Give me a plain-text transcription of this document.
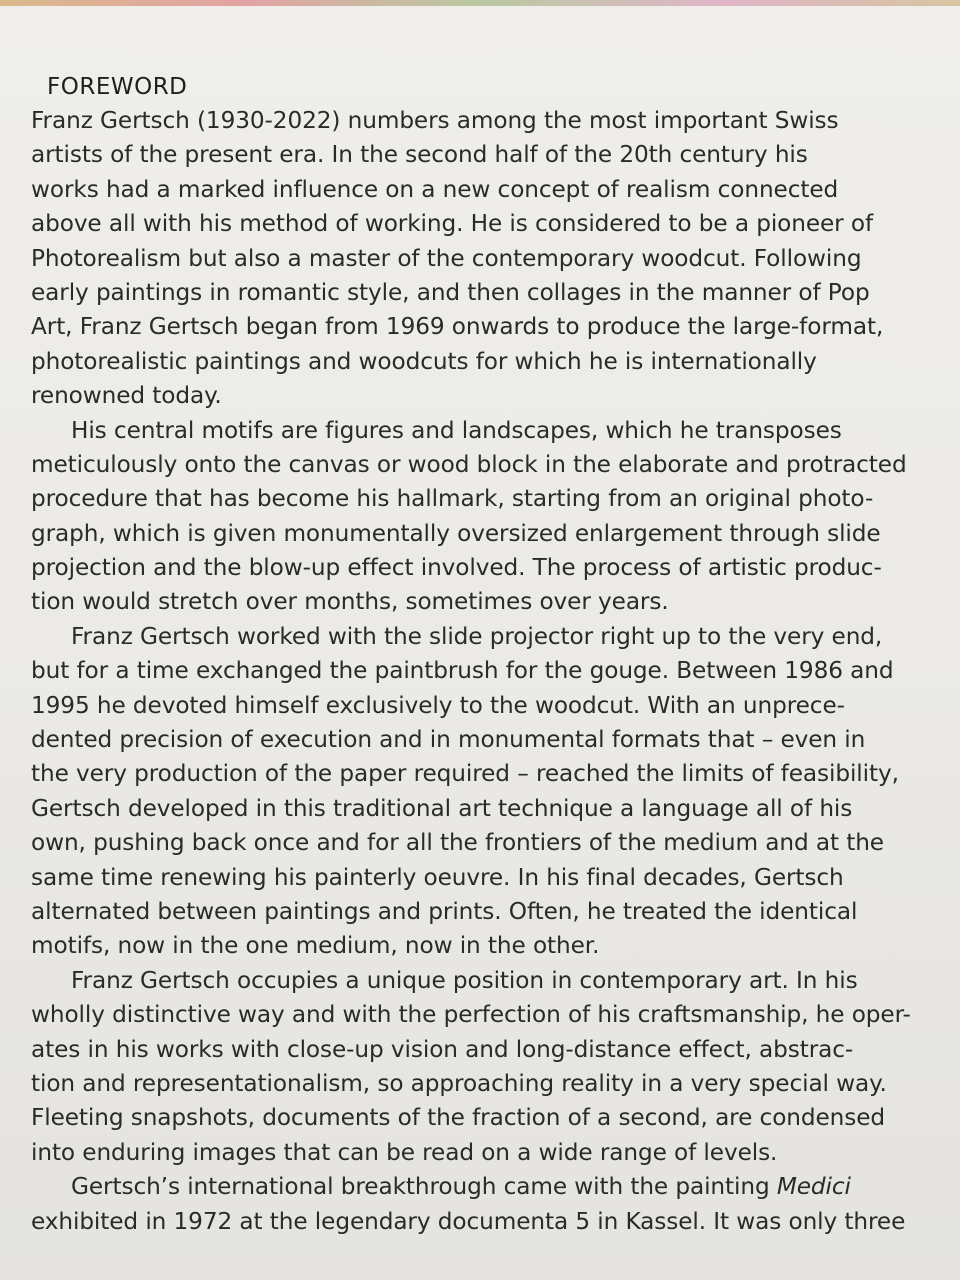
FOREWORD

Franz Gertsch (1930-2022) numbers among the most important Swiss
artists of the present era. In the second half of the 20th century his
works had a marked influence on a new concept of realism connected
above all with his method of working. He is considered to be a pioneer of
Photorealism but also a master of the contemporary woodcut. Following
early paintings in romantic style, and then collages in the manner of Pop
Art, Franz Gertsch began from 1969 onwards to produce the large-format,
photorealistic paintings and woodcuts for which he is internationally
renowned today.

His central motifs are figures and landscapes, which he transposes
meticulously onto the canvas or wood block in the elaborate and protracted
procedure that has become his hallmark, starting from an original photo-
graph, which is given monumentally oversized enlargement through slide
projection and the blow-up effect involved. The process of artistic produc-
tion would stretch over months, sometimes over years.

Franz Gertsch worked with the slide projector right up to the very end,
but for a time exchanged the paintbrush for the gouge. Between 1986 and
1995 he devoted himself exclusively to the woodcut. With an unprece-
dented precision of execution and in monumental formats that – even in
the very production of the paper required – reached the limits of feasibility,
Gertsch developed in this traditional art technique a language all of his
own, pushing back once and for all the frontiers of the medium and at the
same time renewing his painterly oeuvre. In his final decades, Gertsch
alternated between paintings and prints. Often, he treated the identical
motifs, now in the one medium, now in the other.

Franz Gertsch occupies a unique position in contemporary art. In his
wholly distinctive way and with the perfection of his craftsmanship, he oper-
ates in his works with close-up vision and long-distance effect, abstrac-
tion and representationalism, so approaching reality in a very special way.
Fleeting snapshots, documents of the fraction of a second, are condensed
into enduring images that can be read on a wide range of levels.

Gertsch’s international breakthrough came with the painting Medici
exhibited in 1972 at the legendary documenta 5 in Kassel. It was only three
